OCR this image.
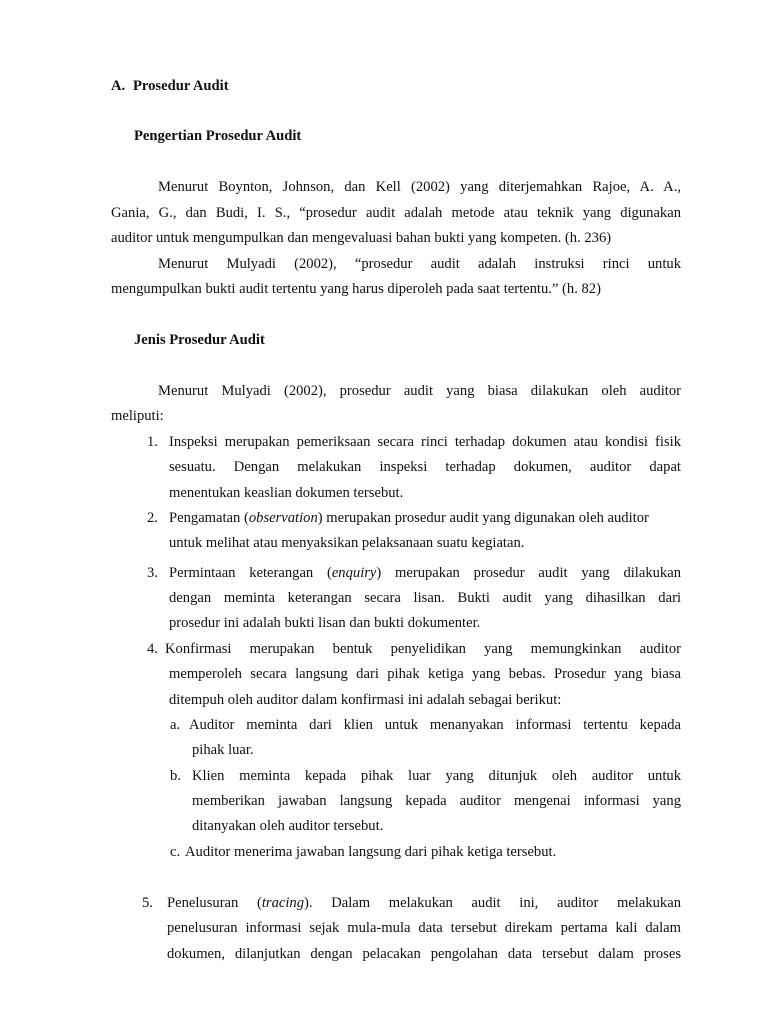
A. Prosedur Audit
Pengertian Prosedur Audit
Menurut Boynton, Johnson, dan Kell (2002) yang diterjemahkan Rajoe, A. A.,
Gania, G., dan Budi, I. S., “prosedur audit adalah metode atau teknik yang digunakan
auditor untuk mengumpulkan dan mengevaluasi bahan bukti yang kompeten. (h. 236)
Menurut Mulyadi (2002), “prosedur audit adalah instruksi rinci untuk
mengumpulkan bukti audit tertentu yang harus diperoleh pada saat tertentu.” (h. 82)
Jenis Prosedur Audit
Menurut Mulyadi (2002), prosedur audit yang biasa dilakukan oleh auditor
meliputi:
1. Inspeksi merupakan pemeriksaan secara rinci terhadap dokumen atau kondisi fisik
sesuatu. Dengan melakukan inspeksi terhadap dokumen, auditor dapat
menentukan keaslian dokumen tersebut.
2. Pengamatan (observation) merupakan prosedur audit yang digunakan oleh auditor
untuk melihat atau menyaksikan pelaksanaan suatu kegiatan.
3. Permintaan keterangan (enquiry) merupakan prosedur audit yang dilakukan
dengan meminta keterangan secara lisan. Bukti audit yang dihasilkan dari
prosedur ini adalah bukti lisan dan bukti dokumenter.
4. Konfirmasi merupakan bentuk penyelidikan yang memungkinkan auditor
memperoleh secara langsung dari pihak ketiga yang bebas. Prosedur yang biasa
ditempuh oleh auditor dalam konfirmasi ini adalah sebagai berikut:
a. Auditor meminta dari klien untuk menanyakan informasi tertentu kepada
pihak luar.
b. Klien meminta kepada pihak luar yang ditunjuk oleh auditor untuk
memberikan jawaban langsung kepada auditor mengenai informasi yang
ditanyakan oleh auditor tersebut.
c. Auditor menerima jawaban langsung dari pihak ketiga tersebut.
5. Penelusuran (tracing). Dalam melakukan audit ini, auditor melakukan
penelusuran informasi sejak mula-mula data tersebut direkam pertama kali dalam
dokumen, dilanjutkan dengan pelacakan pengolahan data tersebut dalam proses
